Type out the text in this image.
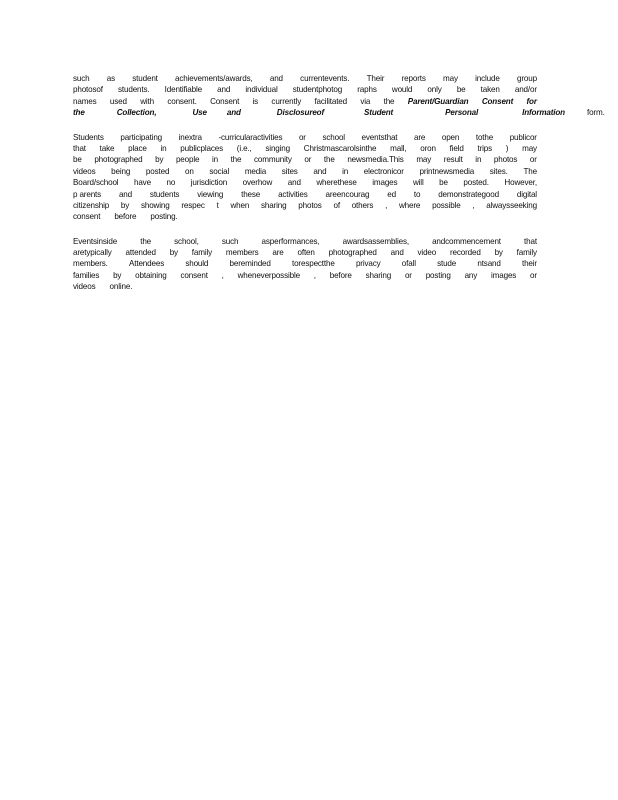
such as student achievements/awards, and currentevents. Their reports may include group
photosof students. Identifiable and individual studentphotog raphs would only be taken and/or
names used with consent. Consent is currently facilitated via the Parent/Guardian Consent for
the	Collection,	Use and	Disclosureof	Student	Personal	Information	form.
Students participating inextra -curricularactivities or school eventsthat are open tothe publicor
that take place in publicplaces (i.e., singing Christmascarolsinthe mall, oron field trips ) may
be photographed by people in the community or the newsmedia.This may result in photos or
videos being posted on social media sites and in electronicor printnewsmedia sites. The
Board/school have no jurisdiction overhow and wherethese images will be posted. However,
p arents and students viewing these activities areencourag ed to demonstrategood digital
citizenship by showing respec t when sharing photos of others , where possible , alwaysseeking
consent before posting.
Eventsinside	the	school,	such	asperformances,	awardsassemblies,	andcommencement	that
aretypically attended by family members are often photographed and video recorded by family
members.	Attendees	should	bereminded	torespectthe	privacy	ofall	stude	ntsand	their
families by obtaining consent , wheneverpossible , before sharing or posting any images or
videos online.
